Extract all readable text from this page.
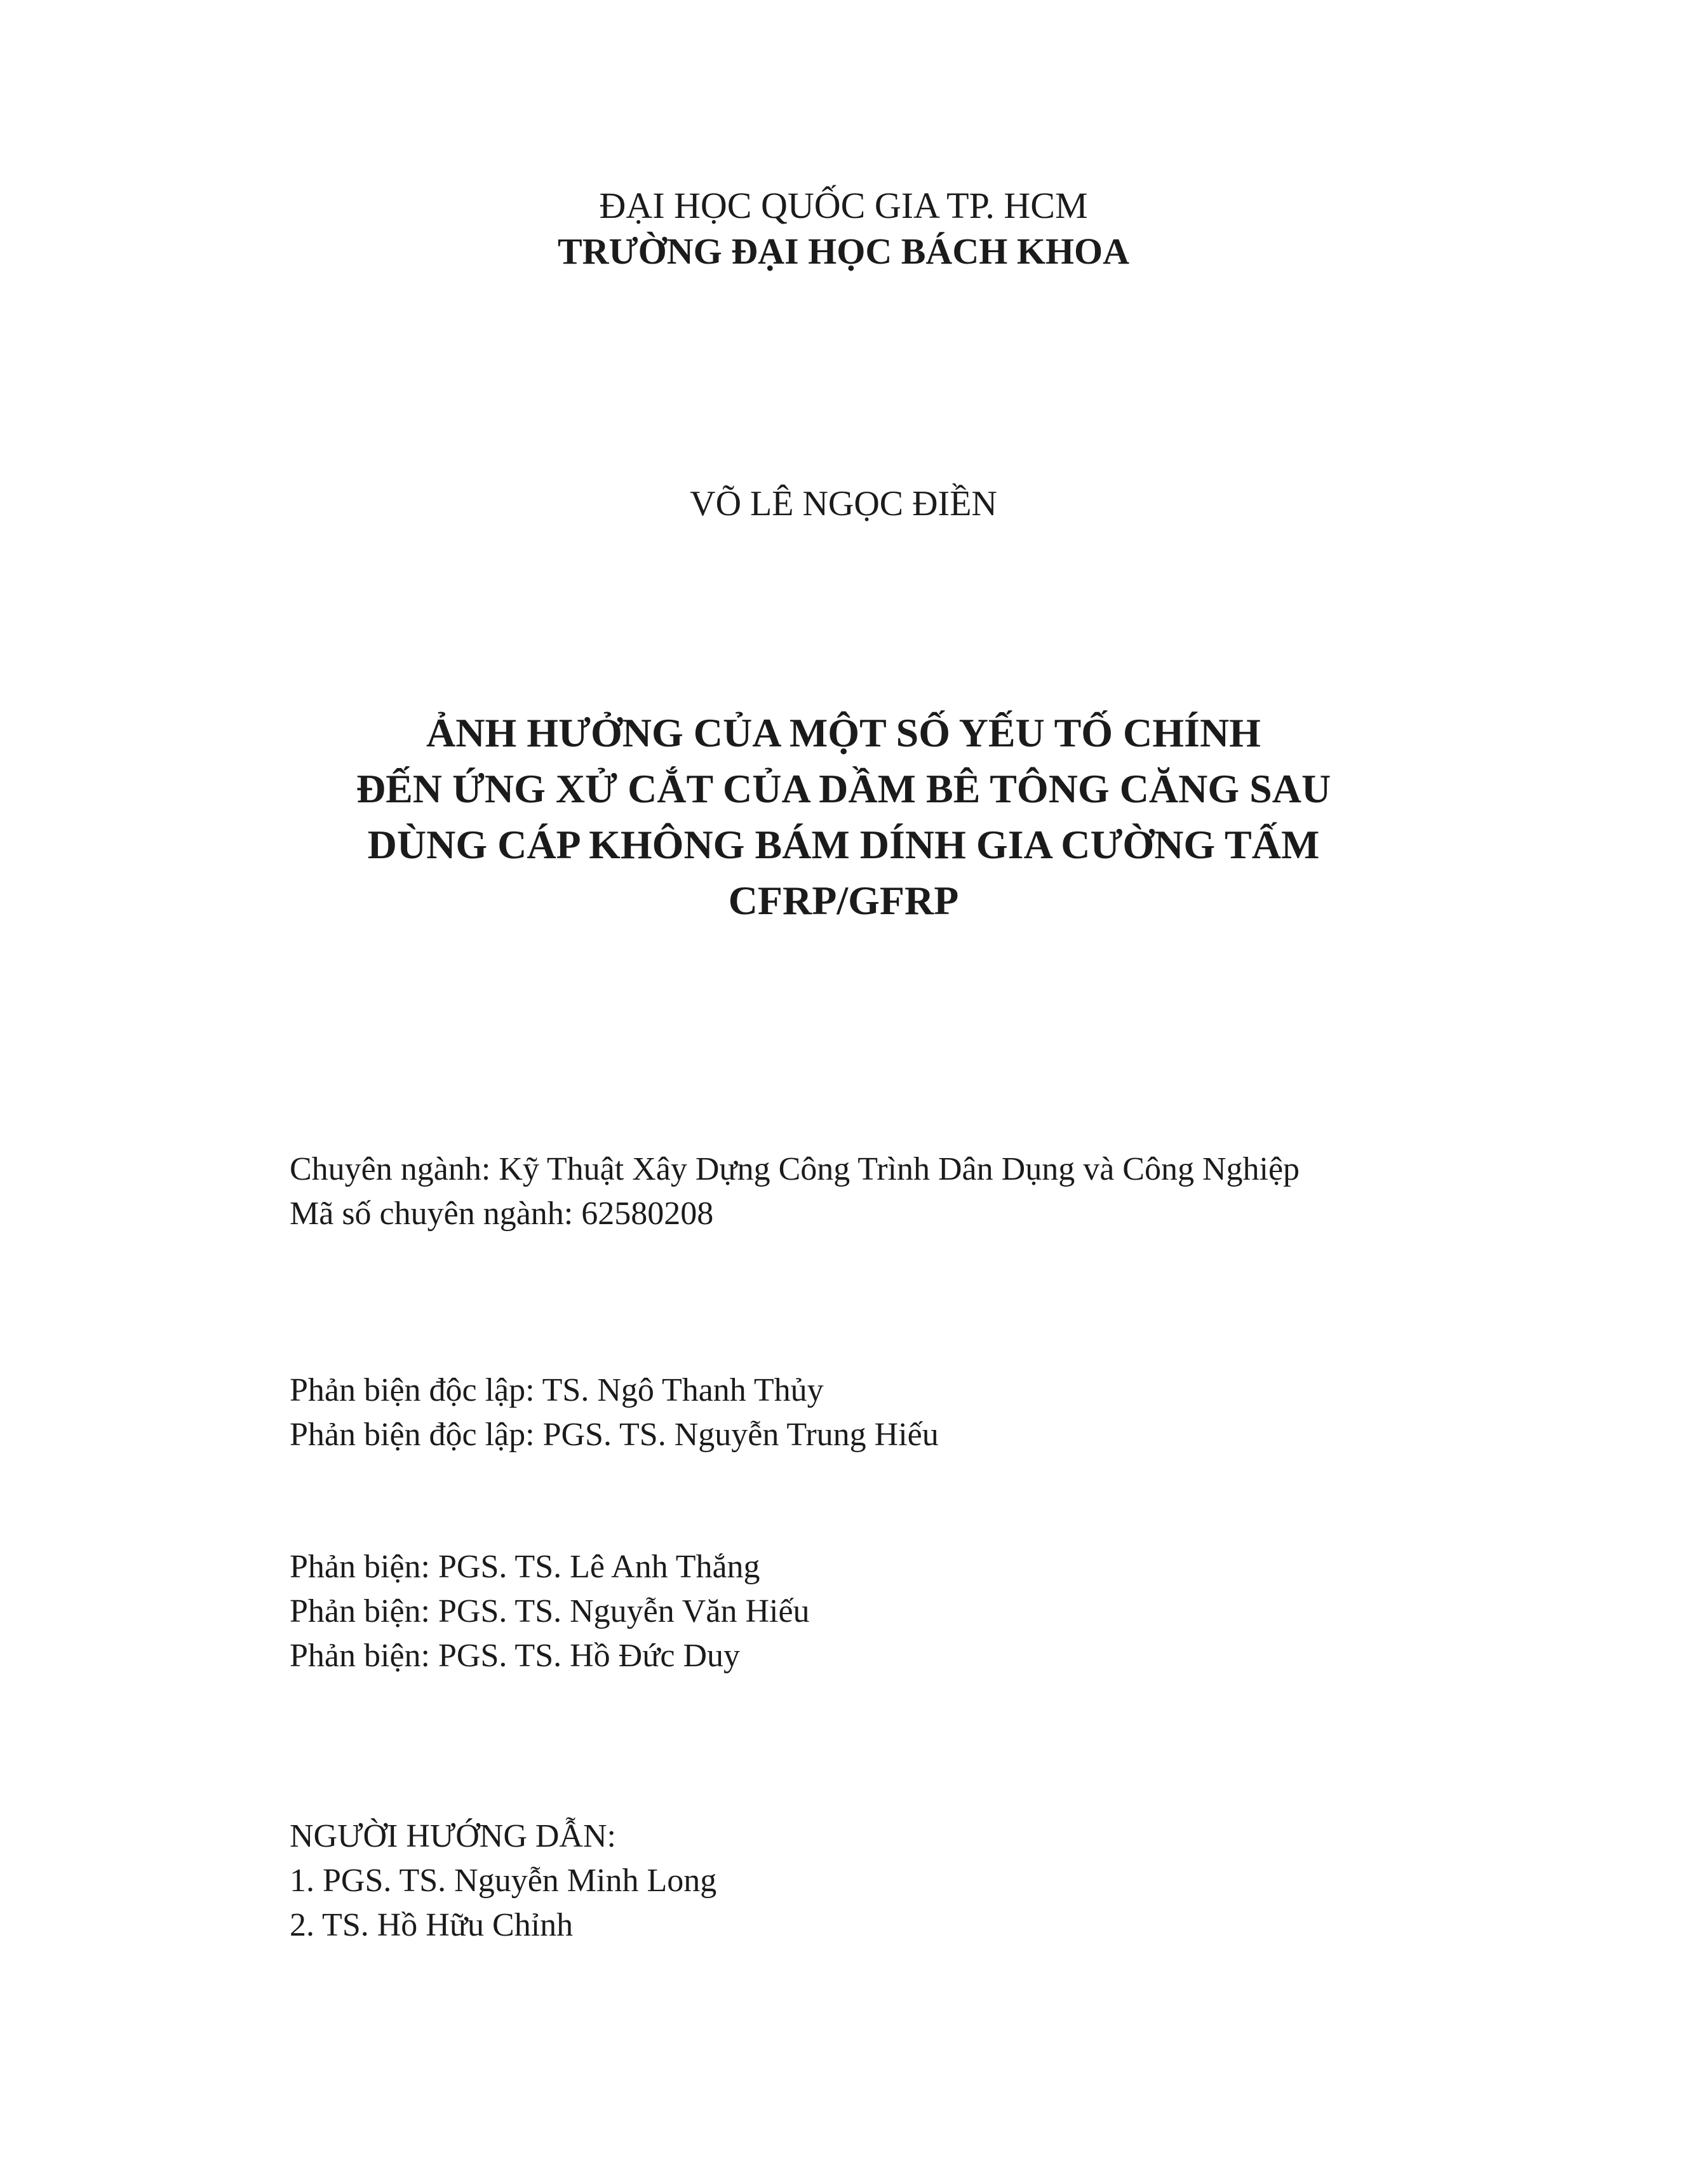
ĐẠI HỌC QUỐC GIA TP. HCM
TRƯỜNG ĐẠI HỌC BÁCH KHOA
VÕ LÊ NGỌC ĐIỀN
ẢNH HƯỞNG CỦA MỘT SỐ YẾU TỐ CHÍNH
ĐẾN ỨNG XỬ CẮT CỦA DẦM BÊ TÔNG CĂNG SAU
DÙNG CÁP KHÔNG BÁM DÍNH GIA CƯỜNG TẤM
CFRP/GFRP
Chuyên ngành: Kỹ Thuật Xây Dựng Công Trình Dân Dụng và Công Nghiệp
Mã số chuyên ngành: 62580208
Phản biện độc lập: TS. Ngô Thanh Thủy
Phản biện độc lập: PGS. TS. Nguyễn Trung Hiếu
Phản biện: PGS. TS. Lê Anh Thắng
Phản biện: PGS. TS. Nguyễn Văn Hiếu
Phản biện: PGS. TS. Hồ Đức Duy
NGƯỜI HƯỚNG DẪN:
1. PGS. TS. Nguyễn Minh Long
2. TS. Hồ Hữu Chỉnh
